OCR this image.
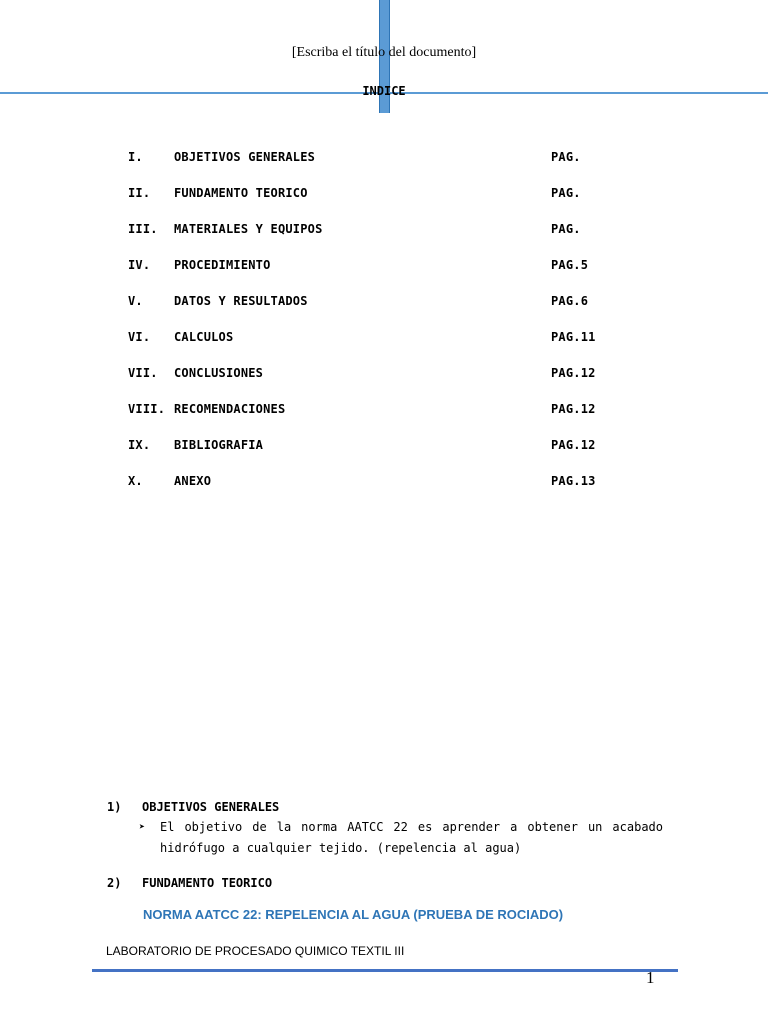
[Escriba el título del documento]
INDICE
I.	OBJETIVOS GENERALES	PAG.
II. FUNDAMENTO TEORICO	PAG.
III. MATERIALES Y EQUIPOS	PAG.
IV. PROCEDIMIENTO	PAG.5
V.	DATOS Y RESULTADOS	PAG.6
VI. CALCULOS	PAG.11
VII. CONCLUSIONES	PAG.12
VIII. RECOMENDACIONES	PAG.12
IX. BIBLIOGRAFIA	PAG.12
X.	ANEXO	PAG.13
1) OBJETIVOS GENERALES
➤ El objetivo de la norma AATCC 22 es aprender a obtener un acabado hidrófugo a cualquier tejido. (repelencia al agua)
2) FUNDAMENTO TEORICO
NORMA AATCC 22: REPELENCIA AL AGUA (PRUEBA DE ROCIADO)
LABORATORIO DE PROCESADO QUIMICO TEXTIL III
1
